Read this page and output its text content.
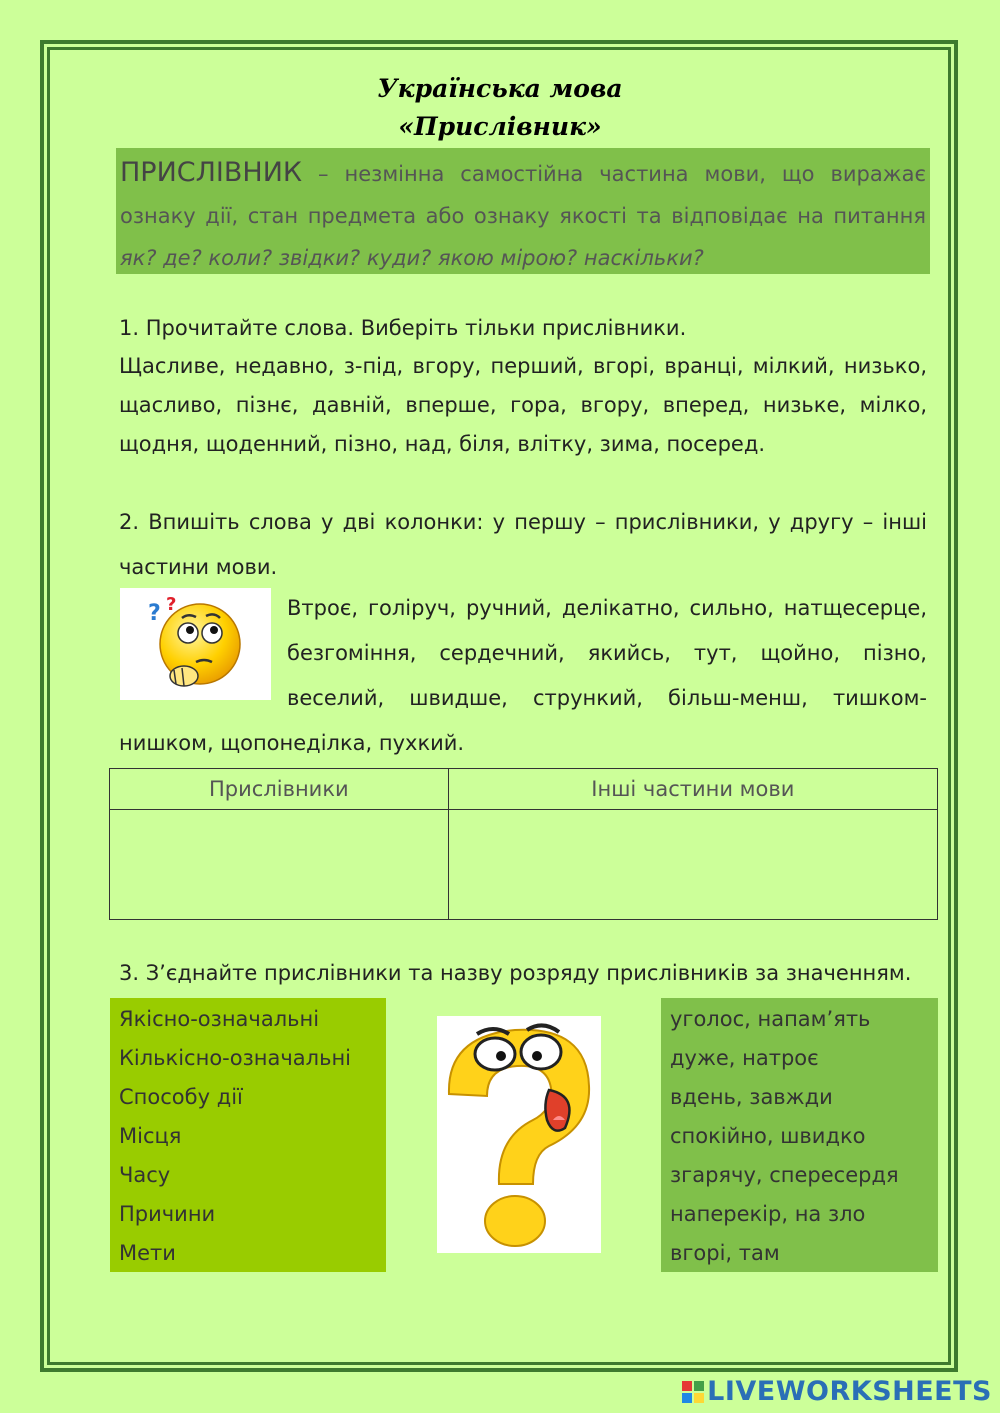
Українська мова
«Прислівник»
ПРИСЛІВНИК – незмінна самостійна частина мови, що виражає ознаку дії, стан предмета або ознаку якості та відповідає на питання як? де? коли? звідки? куди? якою мірою? наскільки?
1. Прочитайте слова. Виберіть тільки прислівники.
Щасливе, недавно, з-під, вгору, перший, вгорі, вранці, мілкий, низько, щасливо, пізнє, давній, вперше, гора, вгору, вперед, низьке, мілко, щодня, щоденний, пізно, над, біля, влітку, зима, посеред.
2. Впишіть слова у дві колонки: у першу – прислівники, у другу – інші частини мови.
? ?	Втроє, голіруч, ручний, делікатно, сильно, натщесерце, безгоміння, сердечний, якийсь, тут, щойно, пізно, веселий, швидше, стрункий, більш-менш, тишком-нишком, щопонеділка, пухкий.
Прислівники	Інші частини мови

3. З’єднайте прислівники та назву розряду прислівників за значенням.
Якісно-означальні
Кількісно-означальні
Способу дії
Місця
Часу
Причини
Мети
уголос, напам’ять
дуже, натроє
вдень, завжди
спокійно, швидко
згарячу, спересердя
наперекір, на зло
вгорі, там
LIVEWORKSHEETS
